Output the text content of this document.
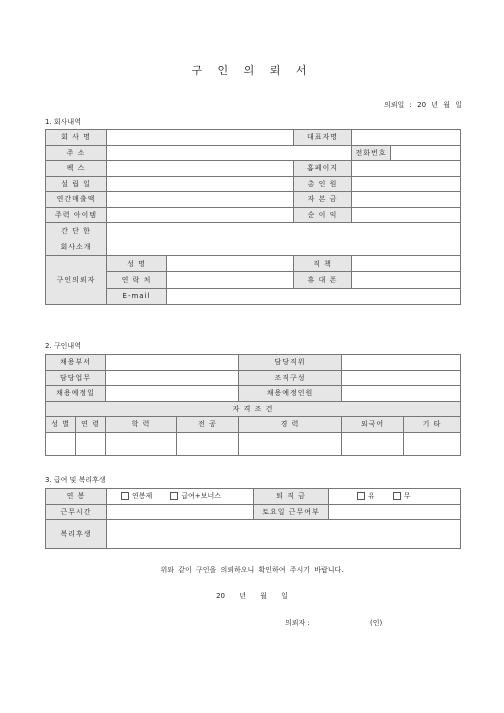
구 인 의 뢰 서
의뢰일 : 20 년 월 일
1. 회사내역
회 사 명			대표자명		
주 소				전화번호	
팩 스			홈페이지		
설 립 일			총 인 원		
연간매출액			자 본 금		
주력 아이템			순 이 익		

간 단 한
회사소개					

구인의뢰자	성 명		직 책		
	연 락 처		휴 대 폰		
	E-mail				
2. 구인내역
채용부서				담당직위		
담당업무				조직구성		
채용예정일				채용예정인원		
자 격 조 건						
성 별	연 령	학 력	전 공	경 력	외국어	기 타

3. 급여 및 복리후생
연 봉	연봉제 급여+보너스	퇴 직 금	유 무
근무시간		토요일 근무여부	
복리후생			
위와 같이 구인을 의뢰하오니 확인하여 주시기 바랍니다.
20 년 월 일
의뢰자 :	(인)
